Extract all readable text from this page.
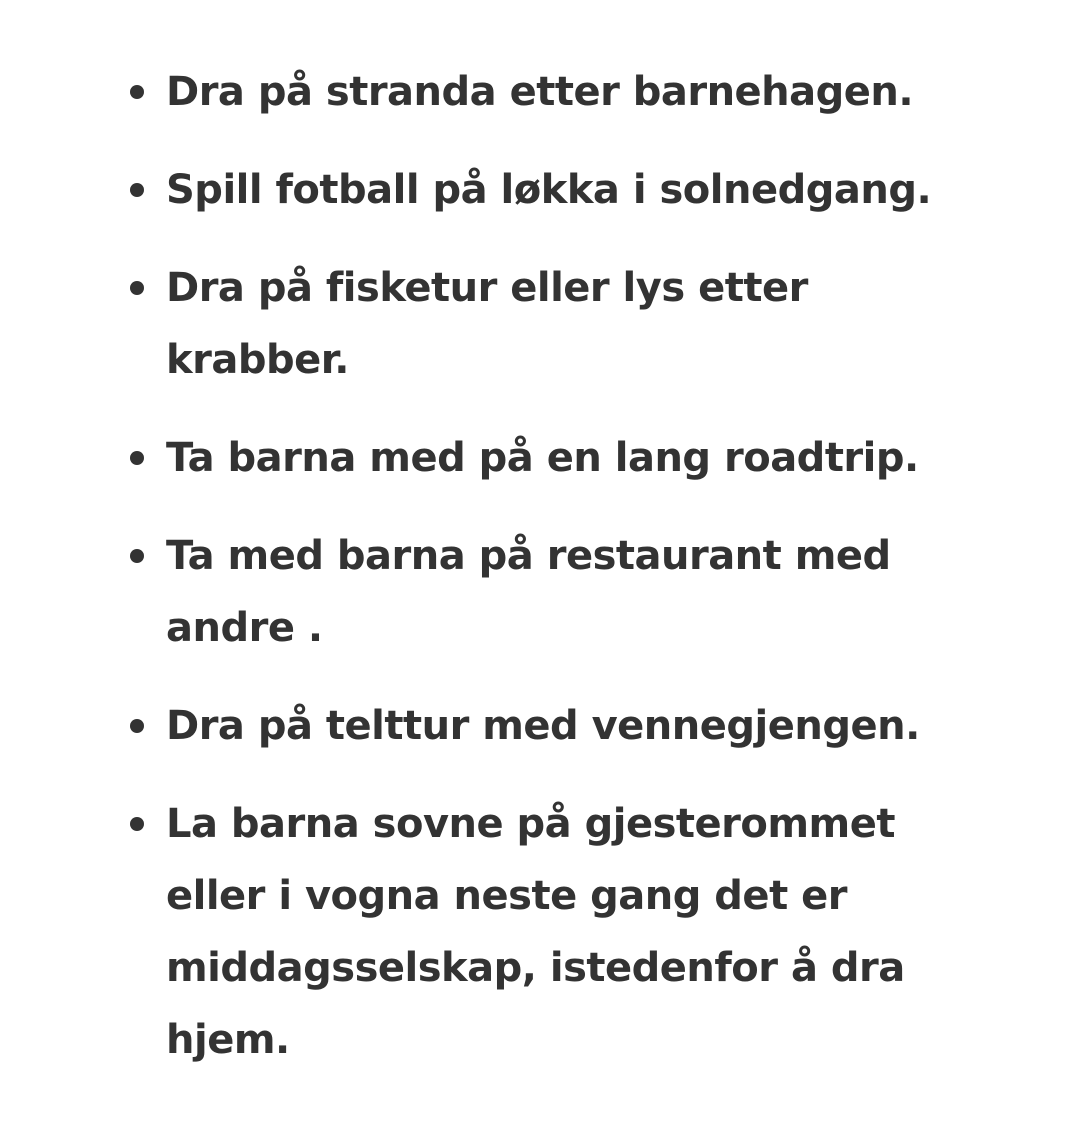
Dra på stranda etter barnehagen.
Spill fotball på løkka i solnedgang.
Dra på fisketur eller lys etter krabber.
Ta barna med på en lang roadtrip.
Ta med barna på restaurant med andre .
Dra på telttur med vennegjengen.
La barna sovne på gjesterommet eller i vogna neste gang det er middagsselskap, istedenfor å dra hjem.
